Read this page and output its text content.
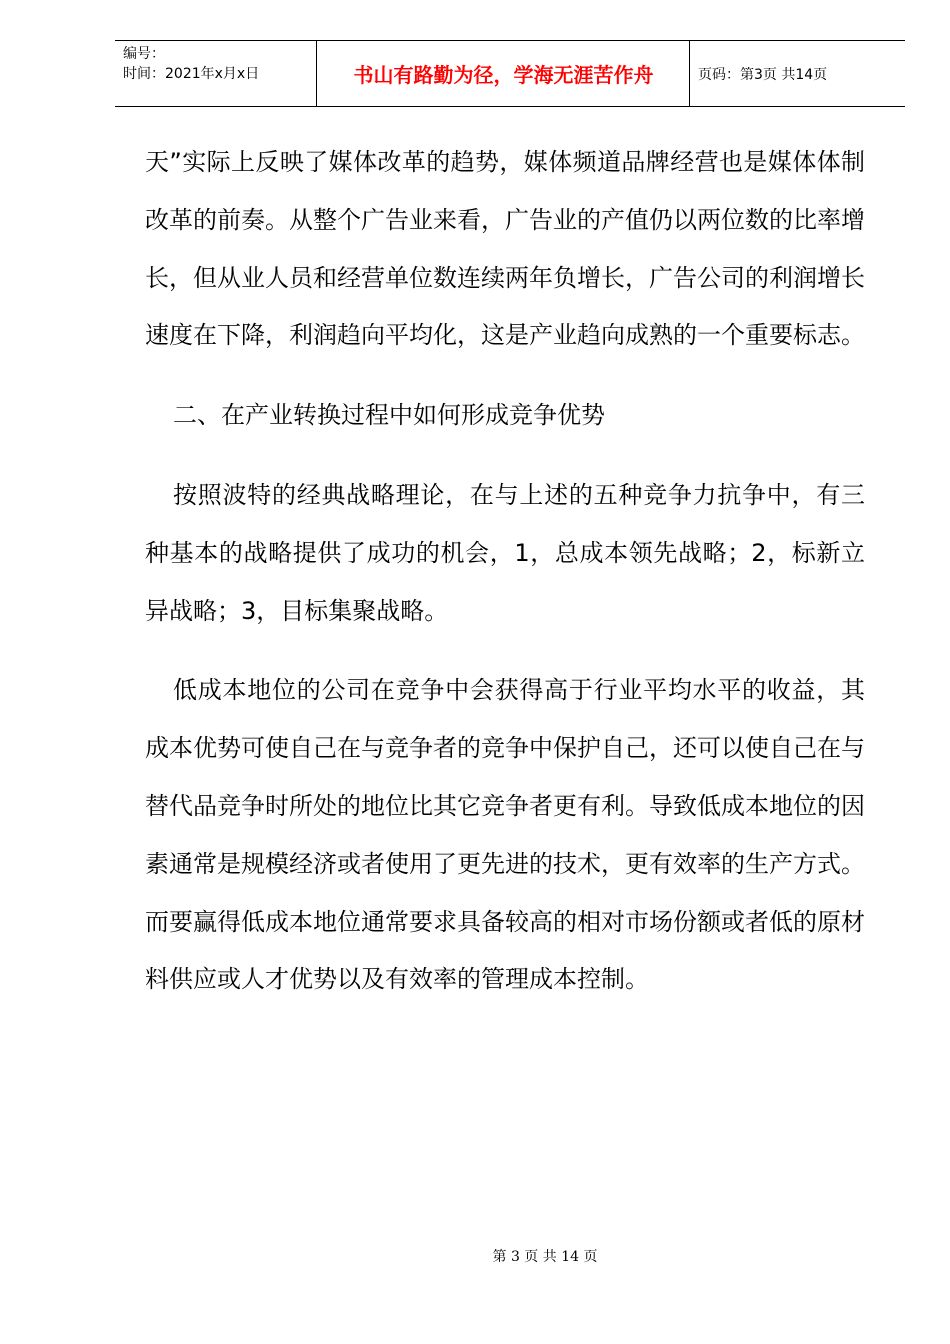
编号：
时间：2021年x月x日	书山有路勤为径，学海无涯苦作舟	页码：第3页 共14页

天”实际上反映了媒体改革的趋势，媒体频道品牌经营也是媒体体制改革的前奏。从整个广告业来看，广告业的产值仍以两位数的比率增长，但从业人员和经营单位数连续两年负增长，广告公司的利润增长速度在下降，利润趋向平均化，这是产业趋向成熟的一个重要标志。

二、在产业转换过程中如何形成竞争优势

按照波特的经典战略理论，在与上述的五种竞争力抗争中，有三种基本的战略提供了成功的机会，1，总成本领先战略；2，标新立异战略；3，目标集聚战略。

低成本地位的公司在竞争中会获得高于行业平均水平的收益，其成本优势可使自己在与竞争者的竞争中保护自己，还可以使自己在与替代品竞争时所处的地位比其它竞争者更有利。导致低成本地位的因素通常是规模经济或者使用了更先进的技术，更有效率的生产方式。而要赢得低成本地位通常要求具备较高的相对市场份额或者低的原材料供应或人才优势以及有效率的管理成本控制。

第 3 页 共 14 页
